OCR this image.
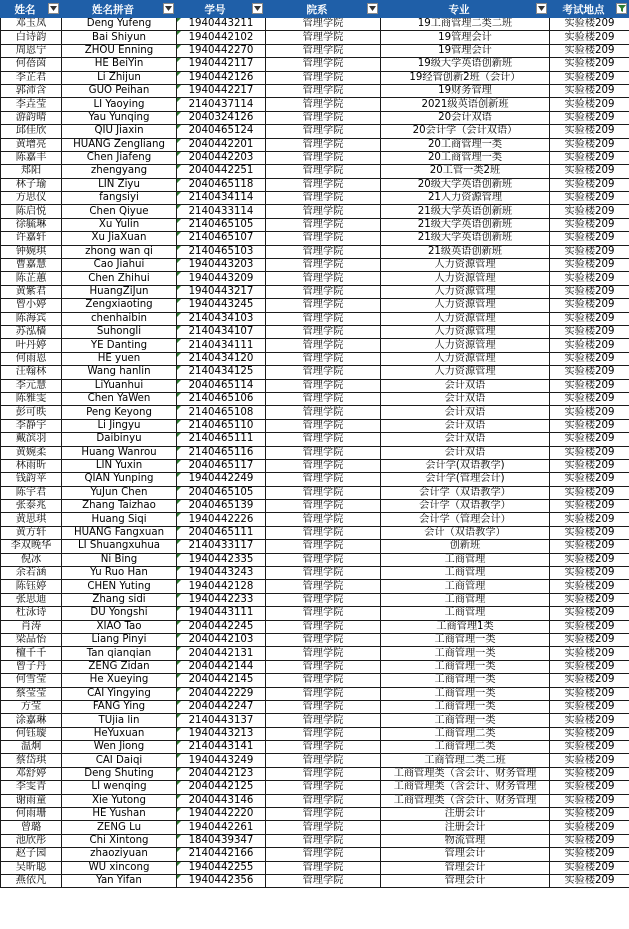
姓名	姓名拼音	学号	院系	专业	考试地点

邓玉凤	Deng Yufeng	1940443211	管理学院	19工商管理二类二班	实验楼209
白诗韵	Bai Shiyun	1940442102	管理学院	19管理会计	实验楼209
周恩宁	ZHOU Enning	1940442270	管理学院	19管理会计	实验楼209
何蓓茵	HE BeiYin	1940442117	管理学院	19级大学英语创新班	实验楼209
李芷君	Li Zhijun	1940442126	管理学院	19经管创新2班（会计）	实验楼209
郭沛含	GUO Peihan	1940442217	管理学院	19财务管理	实验楼209
李垚莹	LI Yaoying	2140437114	管理学院	2021级英语创新班	实验楼209
游韵晴	Yau Yunqing	2040324126	管理学院	20会计双语	实验楼209
邱佳欣	QIU Jiaxin	2040465124	管理学院	20会计学（会计双语）	实验楼209
黄增亮	HUANG Zengliang	2040442201	管理学院	20工商管理一类	实验楼209
陈嘉丰	Chen Jiafeng	2040442203	管理学院	20工商管理一类	实验楼209
郑阳	zhengyang	2040442251	管理学院	20工管一类2班	实验楼209
林子瑜	LIN Ziyu	2040465118	管理学院	20级大学英语创新班	实验楼209
方思仪	fangsiyi	2140434114	管理学院	21人力资源管理	实验楼209
陈启悦	Chen Qiyue	2140433114	管理学院	21级大学英语创新班	实验楼209
徐毓琳	Xu Yulin	2140465105	管理学院	21级大学英语创新班	实验楼209
许嘉轩	Xu JiaXuan	2140465107	管理学院	21级大学英语创新班	实验楼209
钟婉琪	zhong wan qi	2140465103	管理学院	21级英语创新班	实验楼209
曹嘉慧	Cao Jiahui	1940443203	管理学院	人力资源管理	实验楼209
陈芷蕙	Chen Zhihui	1940443209	管理学院	人力资源管理	实验楼209
黄紫君	HuangZiJun	1940443217	管理学院	人力资源管理	实验楼209
曾小婷	Zengxiaoting	1940443245	管理学院	人力资源管理	实验楼209
陈海宾	chenhaibin	2140434103	管理学院	人力资源管理	实验楼209
苏泓樯	Suhongli	2140434107	管理学院	人力资源管理	实验楼209
叶丹婷	YE Danting	2140434111	管理学院	人力资源管理	实验楼209
何雨恩	HE yuen	2140434120	管理学院	人力资源管理	实验楼209
汪翰林	Wang hanlin	2140434125	管理学院	人力资源管理	实验楼209
李元慧	LiYuanhui	2040465114	管理学院	会计双语	实验楼209
陈雅雯	Chen YaWen	2140465106	管理学院	会计双语	实验楼209
彭可昳	Peng Keyong	2140465108	管理学院	会计双语	实验楼209
李静宇	Li Jingyu	2140465110	管理学院	会计双语	实验楼209
戴滨羽	Daibinyu	2140465111	管理学院	会计双语	实验楼209
黄婉柔	Huang Wanrou	2140465116	管理学院	会计双语	实验楼209
林雨昕	LIN Yuxin	2040465117	管理学院	会计学(双语教学)	实验楼209
钱韵苹	QIAN Yunping	1940442249	管理学院	会计学(管理会计)	实验楼209
陈宇君	YuJun Chen	2040465105	管理学院	会计学（双语教学）	实验楼209
张泰兆	Zhang Taizhao	2040465139	管理学院	会计学（双语教学）	实验楼209
黄思琪	Huang Siqi	1940442226	管理学院	会计学（管理会计）	实验楼209
黄方轩	HUANG Fangxuan	2040465111	管理学院	会计（双语教学）	实验楼209
李双晚华	LI Shuangxuhua	2140433117	管理学院	创新班	实验楼209
倪冰	Ni Bing	1940442335	管理学院	工商管理	实验楼209
余若涵	Yu Ruo Han	1940443243	管理学院	工商管理	实验楼209
陈钰婷	CHEN Yuting	1940442128	管理学院	工商管理	实验楼209
张思迪	Zhang sidi	1940442233	管理学院	工商管理	实验楼209
杜泳诗	DU Yongshi	1940443111	管理学院	工商管理	实验楼209
肖涛	XIAO Tao	2040442245	管理学院	工商管理1类	实验楼209
梁品怡	Liang Pinyi	2040442103	管理学院	工商管理一类	实验楼209
檀千千	Tan qianqian	2040442131	管理学院	工商管理一类	实验楼209
曾子丹	ZENG Zidan	2040442144	管理学院	工商管理一类	实验楼209
何雪莹	He Xueying	2040442145	管理学院	工商管理一类	实验楼209
蔡莹莹	CAI Yingying	2040442229	管理学院	工商管理一类	实验楼209
方莹	FANG Ying	2040442247	管理学院	工商管理一类	实验楼209
涂嘉琳	TUjia lin	2140443137	管理学院	工商管理一类	实验楼209
何钰璇	HeYuxuan	1940443213	管理学院	工商管理二类	实验楼209
温炯	Wen Jiong	2140443141	管理学院	工商管理二类	实验楼209
蔡岱琪	CAI Daiqi	1940443249	管理学院	工商管理二类二班	实验楼209
邓舒婷	Deng Shuting	2040442123	管理学院	工商管理类（含会计、财务管理	实验楼209
李雯青	LI wenqing	2040442125	管理学院	工商管理类（含会计、财务管理	实验楼209
谢雨童	Xie Yutong	2040443146	管理学院	工商管理类（含会计、财务管理	实验楼209
何雨珊	HE Yushan	1940442220	管理学院	注册会计	实验楼209
曾璐	ZENG Lu	1940442261	管理学院	注册会计	实验楼209
池欣彤	Chi Xintong	1840439347	管理学院	物流管理	实验楼209
赵子园	zhaoziyuan	2140442166	管理学院	管理会计	实验楼209
吴昕聪	WU xincong	1940442255	管理学院	管理会计	实验楼209
燕依凡	Yan Yifan	1940442356	管理学院	管理会计	实验楼209
